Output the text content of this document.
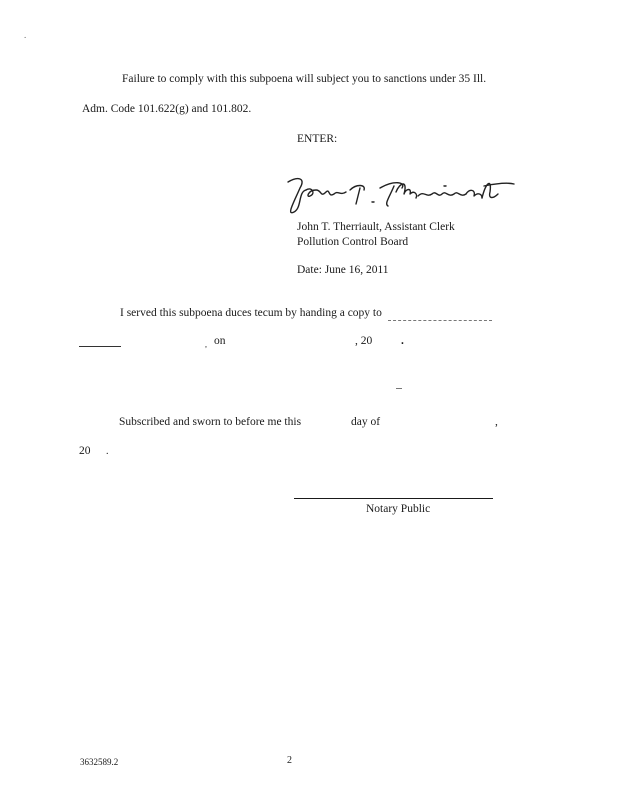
.
Failure to comply with this subpoena will subject you to sanctions under 35 Ill.
Adm. Code 101.622(g) and 101.802.
ENTER:
John T. Therriault, Assistant Clerk
Pollution Control Board
Date: June 16, 2011
I served this subpoena duces tecum by handing a copy to
, on	, 20	.
Subscribed and sworn to before me this	day of	,
20 .
Notary Public
3632589.2	2
